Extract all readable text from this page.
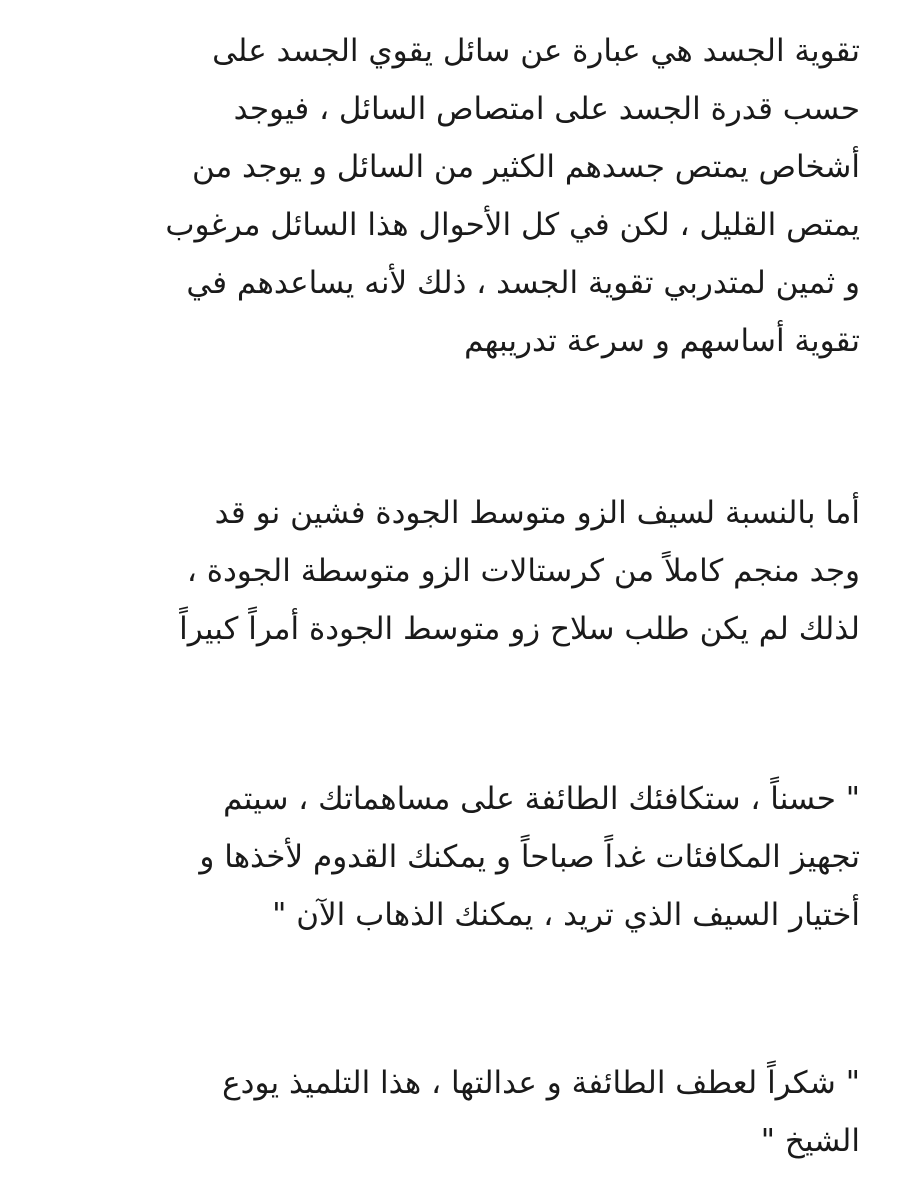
تقوية الجسد هي عبارة عن سائل يقوي الجسد على
حسب قدرة الجسد على امتصاص السائل ، فيوجد
أشخاص يمتص جسدهم الكثير من السائل و يوجد من
يمتص القليل ، لكن في كل الأحوال هذا السائل مرغوب
و ثمين لمتدربي تقوية الجسد ، ذلك لأنه يساعدهم في
تقوية أساسهم و سرعة تدريبهم
أما بالنسبة لسيف الزو متوسط الجودة فشين نو قد
وجد منجم كاملاً من كرستالات الزو متوسطة الجودة ،
لذلك لم يكن طلب سلاح زو متوسط الجودة أمراً كبيراً
" حسناً ، ستكافئك الطائفة على مساهماتك ، سيتم
تجهيز المكافئات غداً صباحاً و يمكنك القدوم لأخذها و
أختيار السيف الذي تريد ، يمكنك الذهاب الآن "
" شكراً لعطف الطائفة و عدالتها ، هذا التلميذ يودع
الشيخ "
